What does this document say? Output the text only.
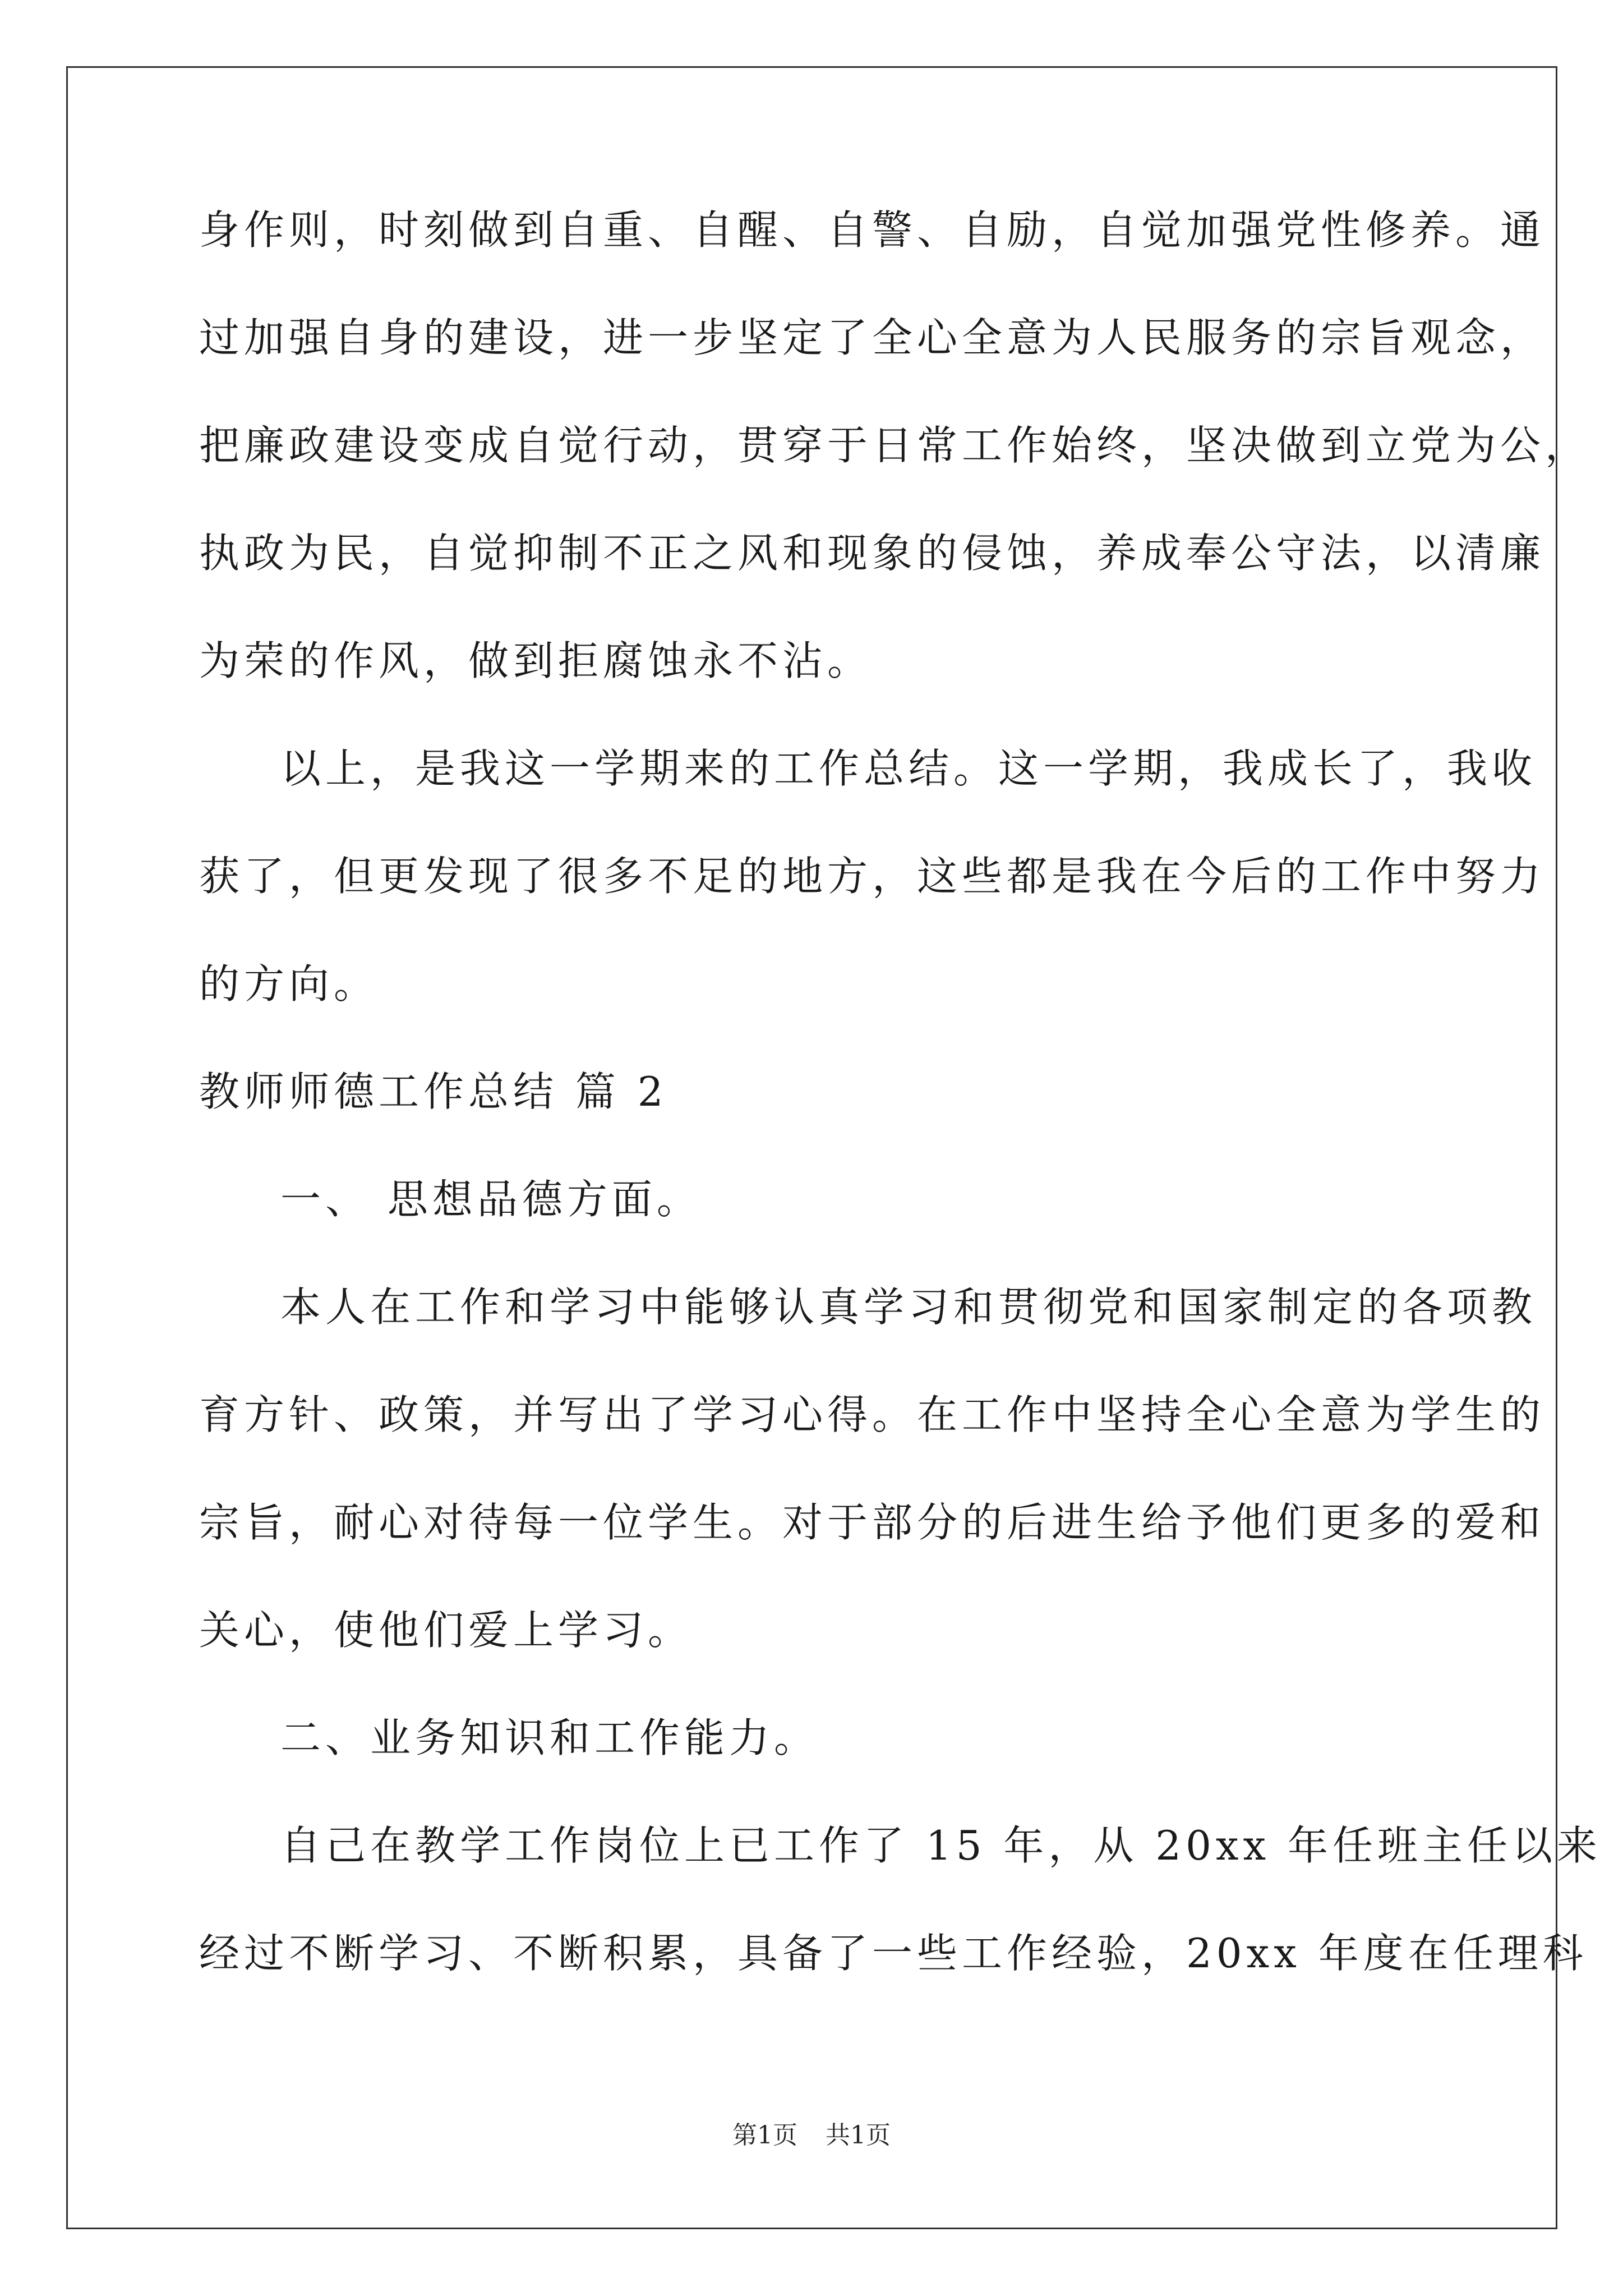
身作则，时刻做到自重、自醒、自警、自励，自觉加强党性修养。通
过加强自身的建设，进一步坚定了全心全意为人民服务的宗旨观念，
把廉政建设变成自觉行动，贯穿于日常工作始终，坚决做到立党为公，
执政为民，自觉抑制不正之风和现象的侵蚀，养成奉公守法，以清廉
为荣的作风，做到拒腐蚀永不沾。
以上，是我这一学期来的工作总结。这一学期，我成长了，我收
获了，但更发现了很多不足的地方，这些都是我在今后的工作中努力
的方向。
教师师德工作总结 篇 2
一、 思想品德方面。
本人在工作和学习中能够认真学习和贯彻党和国家制定的各项教
育方针、政策，并写出了学习心得。在工作中坚持全心全意为学生的
宗旨，耐心对待每一位学生。对于部分的后进生给予他们更多的爱和
关心，使他们爱上学习。
二、业务知识和工作能力。
自己在教学工作岗位上已工作了 15 年，从 20xx 年任班主任以来
经过不断学习、不断积累，具备了一些工作经验，20xx 年度在任理科
第1页 共1页
